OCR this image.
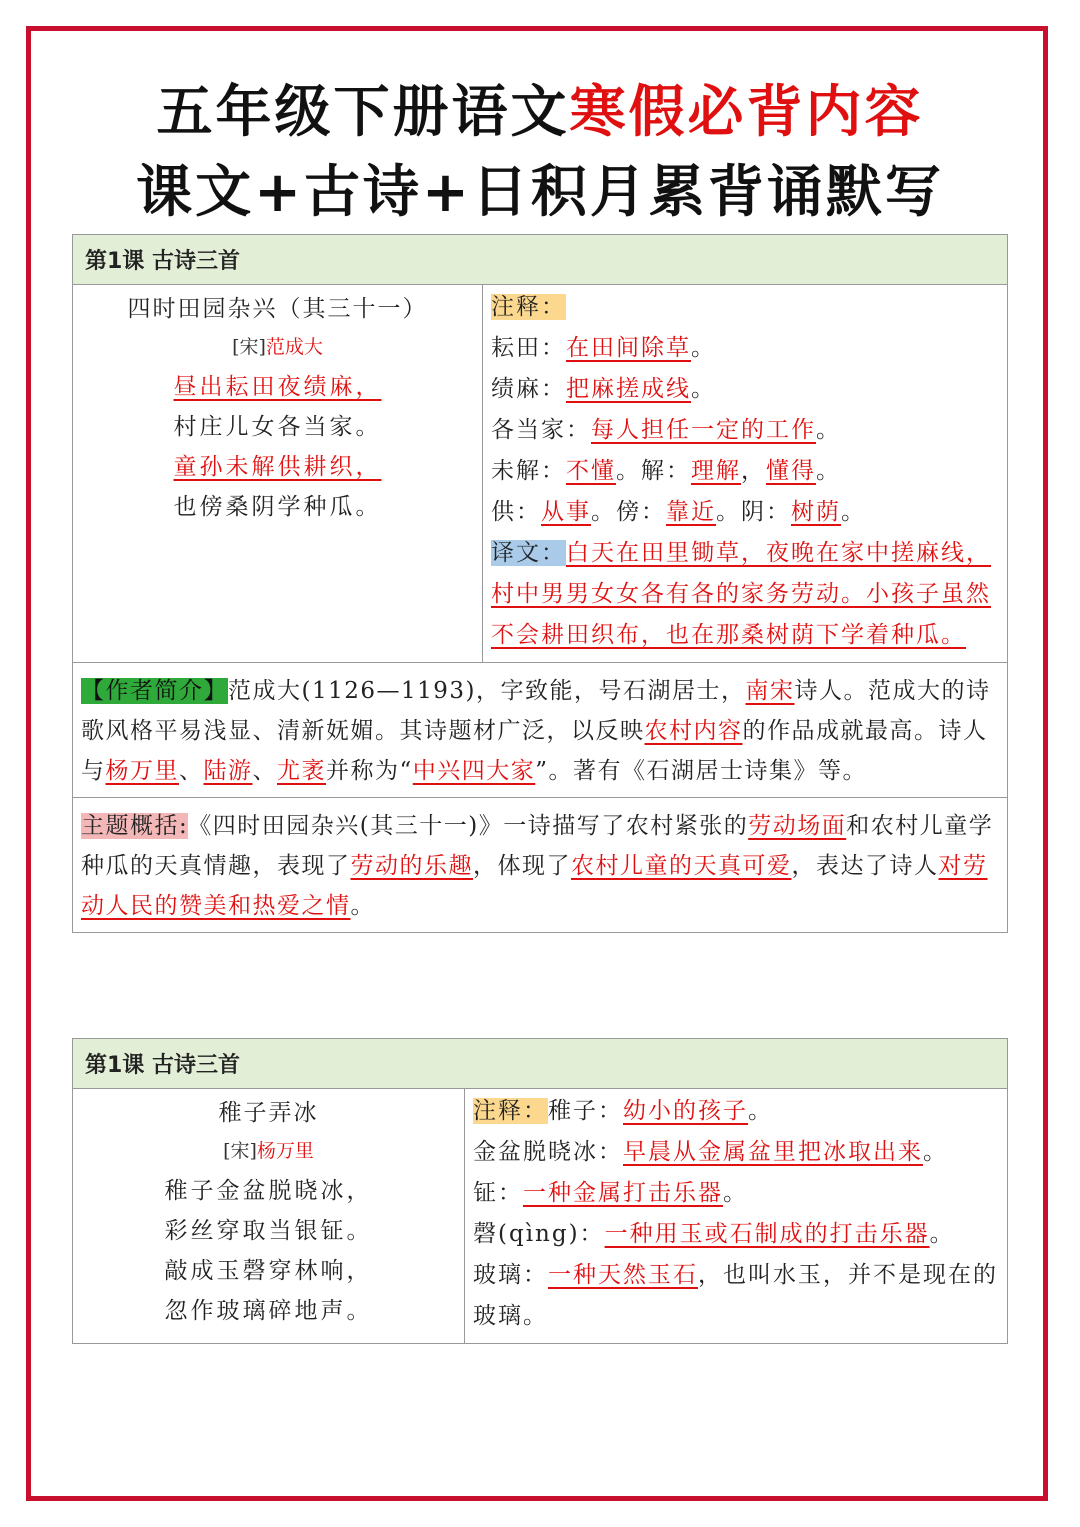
五年级下册语文寒假必背内容
课文+古诗+日积月累背诵默写
第1课 古诗三首
四时田园杂兴（其三十一）
[宋]范成大
昼出耘田夜绩麻，
村庄儿女各当家。
童孙未解供耕织，
也傍桑阴学种瓜。
注释：
耘田：在田间除草。
绩麻：把麻搓成线。
各当家：每人担任一定的工作。
未解：不懂。解：理解，懂得。
供：从事。傍：靠近。阴：树荫。
译文：白天在田里锄草，夜晚在家中搓麻线，村中男男女女各有各的家务劳动。小孩子虽然不会耕田织布，也在那桑树荫下学着种瓜。
【作者简介】范成大(1126—1193)，字致能，号石湖居士，南宋诗人。范成大的诗歌风格平易浅显、清新妩媚。其诗题材广泛，以反映农村内容的作品成就最高。诗人与杨万里、陆游、尤袤并称为“中兴四大家”。著有《石湖居士诗集》等。
主题概括:《四时田园杂兴(其三十一)》一诗描写了农村紧张的劳动场面和农村儿童学种瓜的天真情趣，表现了劳动的乐趣，体现了农村儿童的天真可爱，表达了诗人对劳动人民的赞美和热爱之情。
第1课 古诗三首
稚子弄冰
[宋]杨万里
稚子金盆脱晓冰，
彩丝穿取当银钲。
敲成玉磬穿林响，
忽作玻璃碎地声。
注释：稚子：幼小的孩子。
金盆脱晓冰：早晨从金属盆里把冰取出来。
钲：一种金属打击乐器。
磬(qìng)：一种用玉或石制成的打击乐器。
玻璃：一种天然玉石，也叫水玉，并不是现在的玻璃。
